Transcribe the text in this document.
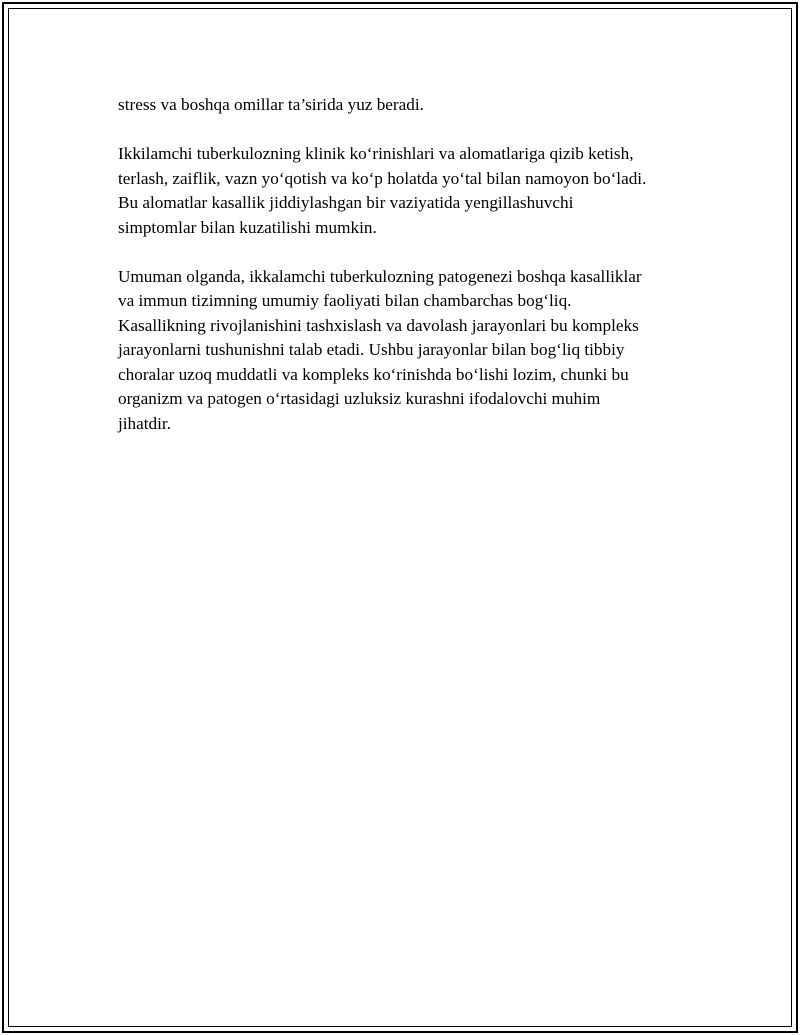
stress va boshqa omillar ta’sirida yuz beradi.

Ikkilamchi tuberkulozning klinik ko‘rinishlari va alomatlariga qizib ketish,
terlash, zaiflik, vazn yo‘qotish va ko‘p holatda yo‘tal bilan namoyon bo‘ladi.
Bu alomatlar kasallik jiddiylashgan bir vaziyatida yengillashuvchi
simptomlar bilan kuzatilishi mumkin.

Umuman olganda, ikkalamchi tuberkulozning patogenezi boshqa kasalliklar
va immun tizimning umumiy faoliyati bilan chambarchas bog‘liq.
Kasallikning rivojlanishini tashxislash va davolash jarayonlari bu kompleks
jarayonlarni tushunishni talab etadi. Ushbu jarayonlar bilan bog‘liq tibbiy
choralar uzoq muddatli va kompleks ko‘rinishda bo‘lishi lozim, chunki bu
organizm va patogen o‘rtasidagi uzluksiz kurashni ifodalovchi muhim
jihatdir.
